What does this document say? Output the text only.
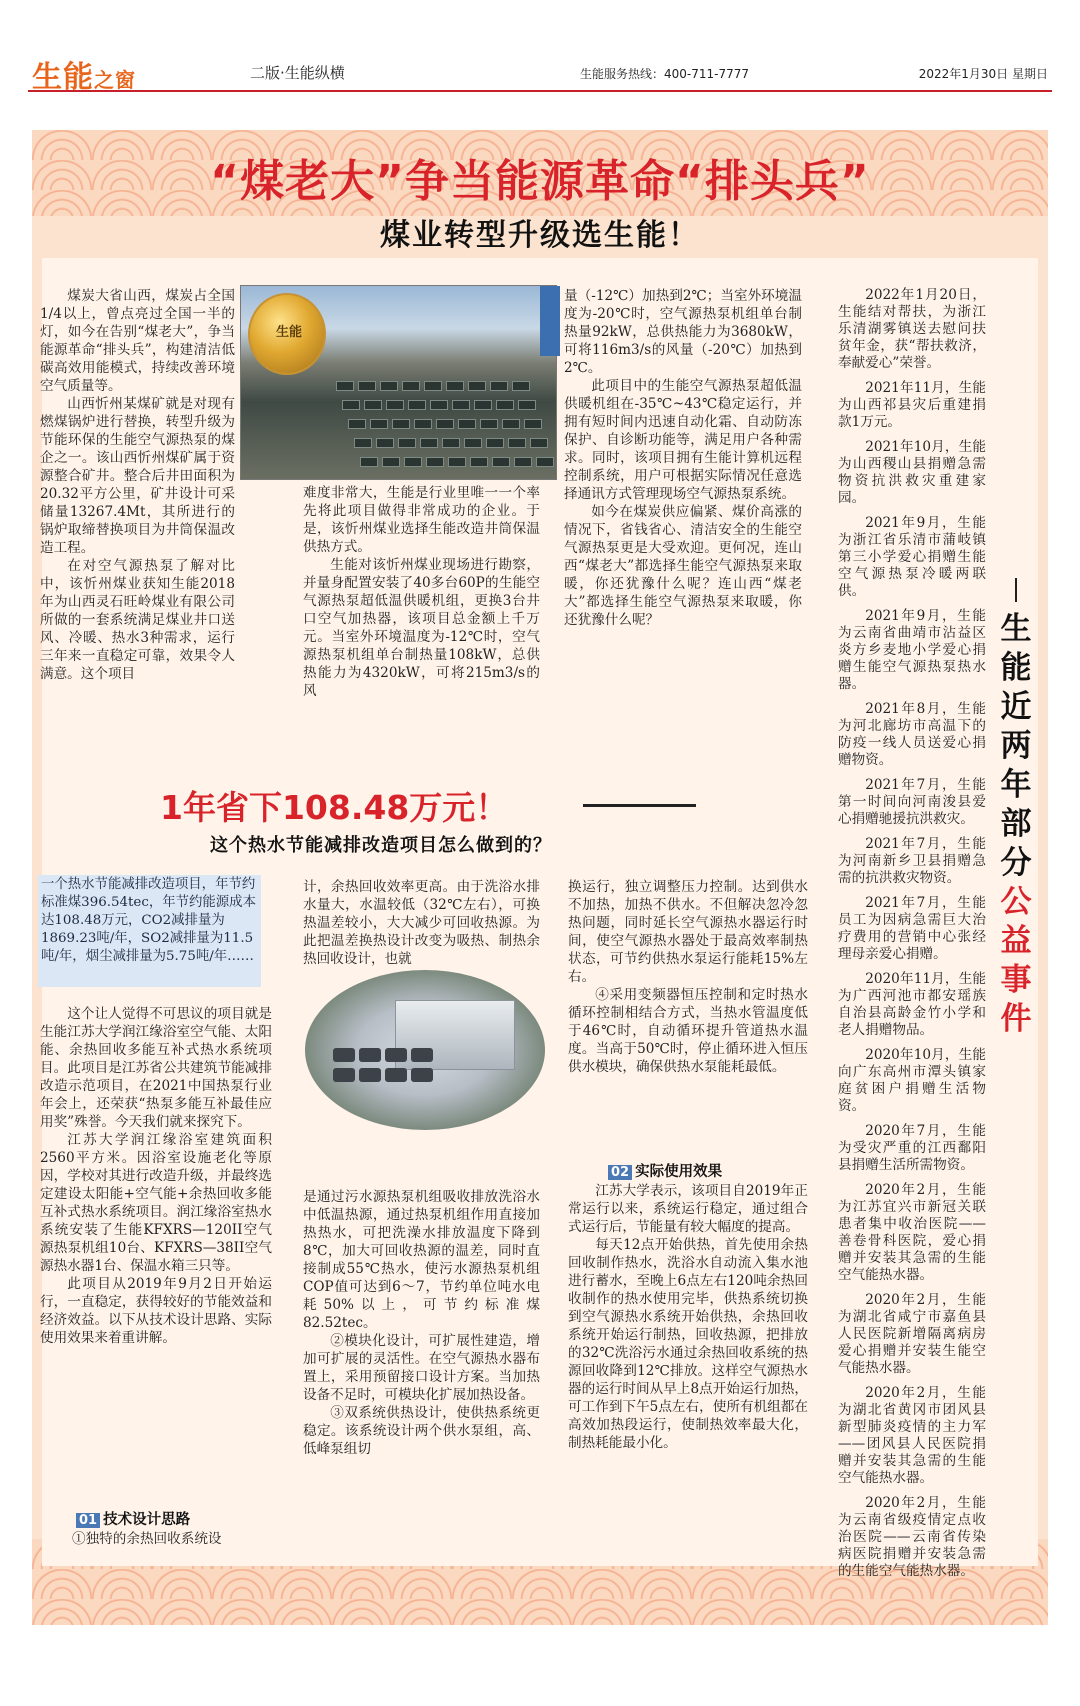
生能之窗	二版·生能纵横	生能服务热线：400-711-7777	2022年1月30日 星期日
“煤老大”争当能源革命“排头兵”
煤业转型升级选生能！
生能

煤炭大省山西，煤炭占全国1/4以上，曾点亮过全国一半的灯，如今在告别“煤老大”，争当能源革命“排头兵”，构建清洁低碳高效用能模式，持续改善环境空气质量等。

山西忻州某煤矿就是对现有燃煤锅炉进行替换，转型升级为节能环保的生能空气源热泵的煤企之一。该山西忻州煤矿属于资源整合矿井。整合后井田面积为20.32平方公里，矿井设计可采储量13267.4Mt，其所进行的锅炉取缔替换项目为井筒保温改造工程。

在对空气源热泵了解对比中，该忻州煤业获知生能2018年为山西灵石旺岭煤业有限公司所做的一套系统满足煤业井口送风、冷暖、热水3种需求，运行三年来一直稳定可靠，效果令人满意。这个项目

难度非常大，生能是行业里唯一一个率先将此项目做得非常成功的企业。于是，该忻州煤业选择生能改造井筒保温供热方式。

生能对该忻州煤业现场进行勘察，并量身配置安装了40多台60P的生能空气源热泵超低温供暖机组，更换3台井口空气加热器，该项目总金额上千万元。当室外环境温度为-12℃时，空气源热泵机组单台制热量108kW，总供热能力为4320kW，可将215m3/s的风

量（-12℃）加热到2℃；当室外环境温度为-20℃时，空气源热泵机组单台制热量92kW，总供热能力为3680kW，可将116m3/s的风量（-20℃）加热到2℃。

此项目中的生能空气源热泵超低温供暖机组在-35℃~43℃稳定运行，并拥有短时间内迅速自动化霜、自动防冻保护、自诊断功能等，满足用户各种需求。同时，该项目拥有生能计算机远程控制系统，用户可根据实际情况任意选择通讯方式管理现场空气源热泵系统。

如今在煤炭供应偏紧、煤价高涨的情况下，省钱省心、清洁安全的生能空气源热泵更是大受欢迎。更何况，连山西“煤老大”都选择生能空气源热泵来取暖，你还犹豫什么呢？连山西“煤老大”都选择生能空气源热泵来取暖，你还犹豫什么呢？

1年省下108.48万元！
这个热水节能减排改造项目怎么做到的？
一个热水节能减排改造项目，年节约标准煤396.54tec，年节约能源成本达108.48万元，CO2减排量为1869.23吨/年，SO2减排量为11.5吨/年，烟尘减排量为5.75吨/年……

这个让人觉得不可思议的项目就是生能江苏大学润江缘浴室空气能、太阳能、余热回收多能互补式热水系统项目。此项目是江苏省公共建筑节能减排改造示范项目，在2021中国热泵行业年会上，还荣获“热泵多能互补最佳应用奖”殊誉。今天我们就来探究下。

江苏大学润江缘浴室建筑面积2560平方米。因浴室设施老化等原因，学校对其进行改造升级，并最终选定建设太阳能+空气能+余热回收多能互补式热水系统项目。润江缘浴室热水系统安装了生能KFXRS—120II空气源热泵机组10台、KFXRS—38II空气源热水器1台、保温水箱三只等。

此项目从2019年9月2日开始运行，一直稳定，获得较好的节能效益和经济效益。以下从技术设计思路、实际使用效果来着重讲解。

01 技术设计思路

①独特的余热回收系统设

计，余热回收效率更高。由于洗浴水排水量大，水温较低（32℃左右），可换热温差较小，大大减少可回收热源。为此把温差换热设计改变为吸热、制热余热回收设计，也就

是通过污水源热泵机组吸收排放洗浴水中低温热源，通过热泵机组作用直接加热热水，可把洗澡水排放温度下降到8℃，加大可回收热源的温差，同时直接制成55℃热水，使污水源热泵机组COP值可达到6～7，节约单位吨水电耗50%以上，可节约标准煤82.52tec。

②模块化设计，可扩展性建造，增加可扩展的灵活性。在空气源热水器布置上，采用预留接口设计方案。当加热设备不足时，可模块化扩展加热设备。

③双系统供热设计，使供热系统更稳定。该系统设计两个供水泵组，高、低峰泵组切

换运行，独立调整压力控制。达到供水不加热，加热不供水。不但解决忽冷忽热问题，同时延长空气源热水器运行时间，使空气源热水器处于最高效率制热状态，可节约供热水泵运行能耗15%左右。

④采用变频器恒压控制和定时热水循环控制相结合方式，当热水管温度低于46℃时，自动循环提升管道热水温度。当高于50℃时，停止循环进入恒压供水模块，确保供热水泵能耗最低。

02 实际使用效果

江苏大学表示，该项目自2019年正常运行以来，系统运行稳定，通过组合式运行后，节能量有较大幅度的提高。

每天12点开始供热，首先使用余热回收制作热水，洗浴水自动流入集水池进行蓄水，至晚上6点左右120吨余热回收制作的热水使用完毕，供热系统切换到空气源热水系统开始供热，余热回收系统开始运行制热，回收热源，把排放的32℃洗浴污水通过余热回收系统的热源回收降到12℃排放。这样空气源热水器的运行时间从早上8点开始运行加热，可工作到下午5点左右，使所有机组都在高效加热段运行，使制热效率最大化，制热耗能最小化。

2022年1月20日，生能结对帮扶，为浙江乐清湖雾镇送去慰问扶贫年金，获“帮扶救济，奉献爱心”荣誉。
2021年11月，生能为山西祁县灾后重建捐款1万元。
2021年10月，生能为山西稷山县捐赠急需物资抗洪救灾重建家园。
2021年9月，生能为浙江省乐清市蒲岐镇第三小学爱心捐赠生能空气源热泵冷暖两联供。
2021年9月，生能为云南省曲靖市沾益区炎方乡麦地小学爱心捐赠生能空气源热泵热水器。
2021年8月，生能为河北廊坊市高温下的防疫一线人员送爱心捐赠物资。
2021年7月，生能第一时间向河南浚县爱心捐赠驰援抗洪救灾。
2021年7月，生能为河南新乡卫县捐赠急需的抗洪救灾物资。
2021年7月，生能员工为因病急需巨大治疗费用的营销中心张经理母亲爱心捐赠。
2020年11月，生能为广西河池市都安瑶族自治县高龄金竹小学和老人捐赠物品。
2020年10月，生能向广东高州市潭头镇家庭贫困户捐赠生活物资。
2020年7月，生能为受灾严重的江西鄱阳县捐赠生活所需物资。
2020年2月，生能为江苏宜兴市新冠关联患者集中收治医院——善卷骨科医院，爱心捐赠并安装其急需的生能空气能热水器。
2020年2月，生能为湖北省咸宁市嘉鱼县人民医院新增隔离病房爱心捐赠并安装生能空气能热水器。
2020年2月，生能为湖北省黄冈市团风县新型肺炎疫情的主力军——团风县人民医院捐赠并安装其急需的生能空气能热水器。
2020年2月，生能为云南省级疫情定点收治医院——云南省传染病医院捐赠并安装急需的生能空气能热水器。
生能近两年部分公益事件
